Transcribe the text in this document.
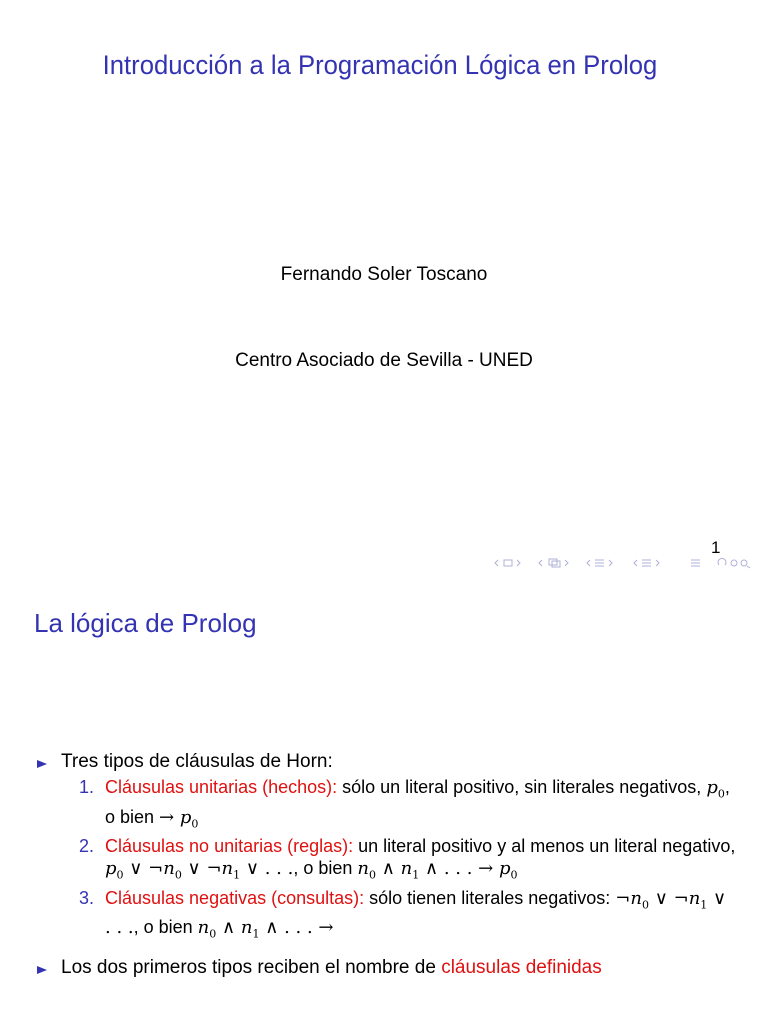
Introducción a la Programación Lógica en Prolog
Fernando Soler Toscano
Centro Asociado de Sevilla - UNED
1
La lógica de Prolog
Tres tipos de cláusulas de Horn:
1. Cláusulas unitarias (hechos): sólo un literal positivo, sin literales negativos, $p_0$, o bien → $p_0$
2. Cláusulas no unitarias (reglas): un literal positivo y al menos un literal negativo, $p_0$ ∨ $\neg n_0$ ∨ $\neg n_1$ ∨ . . ., o bien $n_0$ ∧ $n_1$ ∧ . . . → $p_0$
3. Cláusulas negativas (consultas): sólo tienen literales negativos: $\neg n_0$ ∨ $\neg n_1$ ∨ . . ., o bien $n_0$ ∧ $n_1$ ∧ . . . →
Los dos primeros tipos reciben el nombre de cláusulas definidas
